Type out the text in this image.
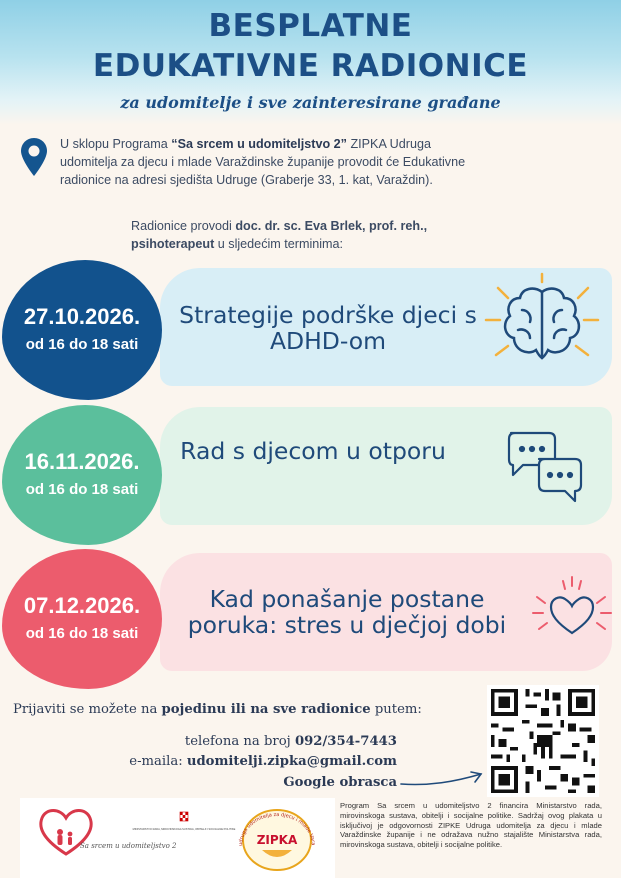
BESPLATNE
EDUKATIVNE RADIONICE
za udomitelje i sve zainteresirane građane
U sklopu Programa “Sa srcem u udomiteljstvo 2” ZIPKA Udruga udomitelja za djecu i mlade Varaždinske županije provodit će Edukativne radionice na adresi sjedišta Udruge (Graberje 33, 1. kat, Varaždin).
Radionice provodi doc. dr. sc. Eva Brlek, prof. reh., psihoterapeut u sljedećim terminima:
27.10.2026.
od 16 do 18 sati
Strategije podrške djeci s ADHD-om
16.11.2026.
od 16 do 18 sati
Rad s djecom u otporu
07.12.2026.
od 16 do 18 sati
Kad ponašanje postane poruka: stres u dječjoj dobi
Prijaviti se možete na pojedinu ili na sve radionice putem:
telefona na broj 092/354-7443
e-maila: udomitelji.zipka@gmail.com
Google obrasca
Sa srcem u udomiteljstvo 2
MINISTARSTVO RADA, MIROVINSKOGA SUSTAVA, OBITELJI I SOCIJALNE POLITIKE
udruga udomitelja za djecu i mlade Vara
ZIPKA
Program Sa srcem u udomiteljstvo 2 financira Ministarstvo rada, mirovinskoga sustava, obitelji i socijalne politike. Sadržaj ovog plakata u isključivoj je odgovornosti ZIPKE Udruga udomitelja za djecu i mlade Varaždinske županije i ne odražava nužno stajalište Ministarstva rada, mirovinskoga sustava, obitelji i socijalne politike.
